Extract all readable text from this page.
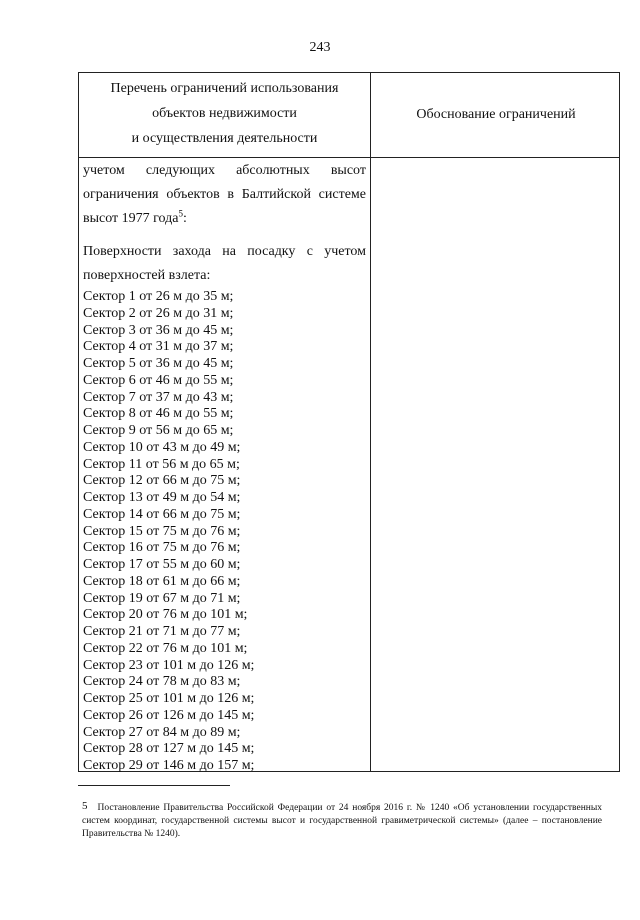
243
Перечень ограничений использования
объектов недвижимости
и осуществления деятельности
Обоснование ограничений
учетом следующих абсолютных высот
ограничения объектов в Балтийской системе
высот 1977 года$^5$:
Поверхности захода на посадку с учетом
поверхностей взлета:
Сектор 1 от 26 м до 35 м;
Сектор 2 от 26 м до 31 м;
Сектор 3 от 36 м до 45 м;
Сектор 4 от 31 м до 37 м;
Сектор 5 от 36 м до 45 м;
Сектор 6 от 46 м до 55 м;
Сектор 7 от 37 м до 43 м;
Сектор 8 от 46 м до 55 м;
Сектор 9 от 56 м до 65 м;
Сектор 10 от 43 м до 49 м;
Сектор 11 от 56 м до 65 м;
Сектор 12 от 66 м до 75 м;
Сектор 13 от 49 м до 54 м;
Сектор 14 от 66 м до 75 м;
Сектор 15 от 75 м до 76 м;
Сектор 16 от 75 м до 76 м;
Сектор 17 от 55 м до 60 м;
Сектор 18 от 61 м до 66 м;
Сектор 19 от 67 м до 71 м;
Сектор 20 от 76 м до 101 м;
Сектор 21 от 71 м до 77 м;
Сектор 22 от 76 м до 101 м;
Сектор 23 от 101 м до 126 м;
Сектор 24 от 78 м до 83 м;
Сектор 25 от 101 м до 126 м;
Сектор 26 от 126 м до 145 м;
Сектор 27 от 84 м до 89 м;
Сектор 28 от 127 м до 145 м;
Сектор 29 от 146 м до 157 м;
5 Постановление Правительства Российской Федерации от 24 ноября 2016 г. № 1240 «Об установлении государственных систем координат, государственной системы высот и государственной гравиметрической системы» (далее – постановление Правительства № 1240).
